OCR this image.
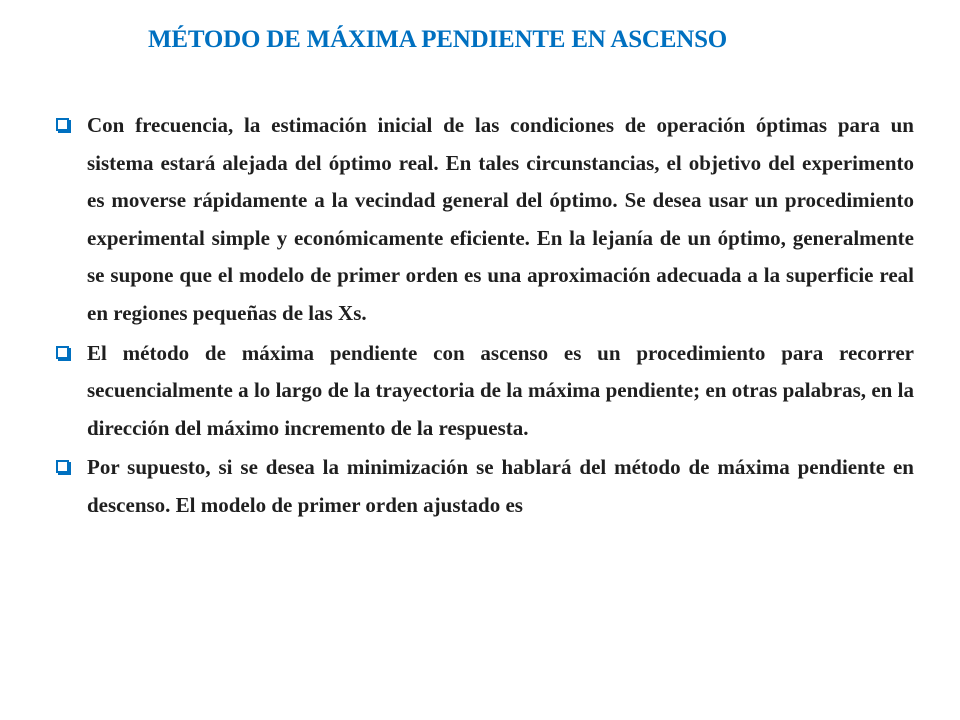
MÉTODO DE MÁXIMA PENDIENTE EN ASCENSO
Con frecuencia, la estimación inicial de las condiciones de operación óptimas para un sistema estará alejada del óptimo real. En tales circunstancias, el objetivo del experimento es moverse rápidamente a la vecindad general del óptimo. Se desea usar un procedimiento experimental simple y económicamente eficiente. En la lejanía de un óptimo, generalmente se supone que el modelo de primer orden es una aproximación adecuada a la superficie real en regiones pequeñas de las Xs.
El método de máxima pendiente con ascenso es un procedimiento para recorrer secuencialmente a lo largo de la trayectoria de la máxima pendiente; en otras palabras, en la dirección del máximo incremento de la respuesta.
Por supuesto, si se desea la minimización se hablará del método de máxima pendiente en descenso. El modelo de primer orden ajustado es
